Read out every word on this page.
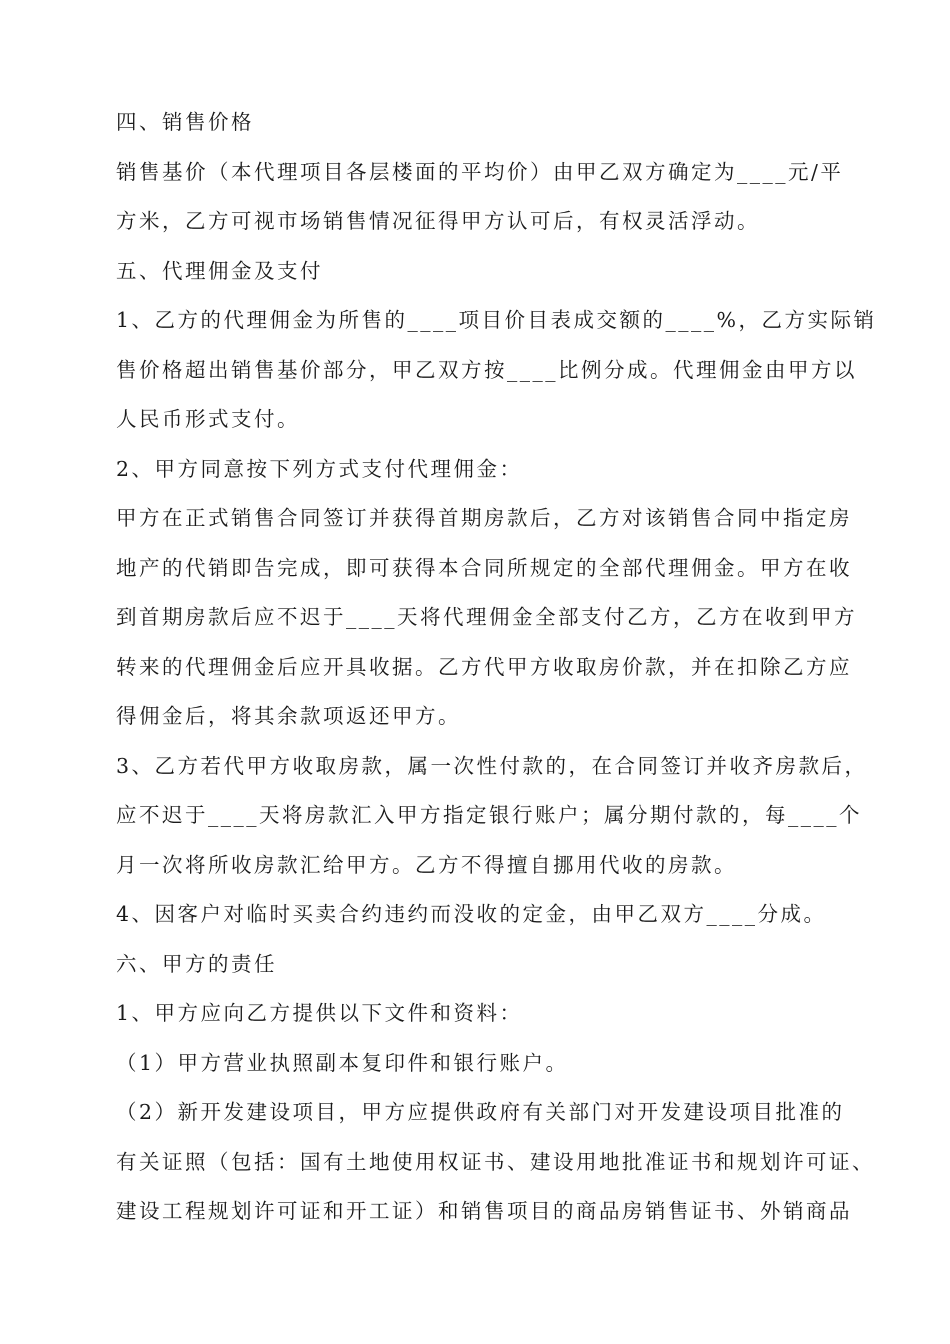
四、销售价格
销售基价（本代理项目各层楼面的平均价）由甲乙双方确定为____元/平
方米，乙方可视市场销售情况征得甲方认可后，有权灵活浮动。
五、代理佣金及支付
1、乙方的代理佣金为所售的____项目价目表成交额的____%，乙方实际销
售价格超出销售基价部分，甲乙双方按____比例分成。代理佣金由甲方以
人民币形式支付。
2、甲方同意按下列方式支付代理佣金：
甲方在正式销售合同签订并获得首期房款后，乙方对该销售合同中指定房
地产的代销即告完成，即可获得本合同所规定的全部代理佣金。甲方在收
到首期房款后应不迟于____天将代理佣金全部支付乙方，乙方在收到甲方
转来的代理佣金后应开具收据。乙方代甲方收取房价款，并在扣除乙方应
得佣金后，将其余款项返还甲方。
3、乙方若代甲方收取房款，属一次性付款的，在合同签订并收齐房款后，
应不迟于____天将房款汇入甲方指定银行账户；属分期付款的，每____个
月一次将所收房款汇给甲方。乙方不得擅自挪用代收的房款。
4、因客户对临时买卖合约违约而没收的定金，由甲乙双方____分成。
六、甲方的责任
1、甲方应向乙方提供以下文件和资料：
（1）甲方营业执照副本复印件和银行账户。
（2）新开发建设项目，甲方应提供政府有关部门对开发建设项目批准的
有关证照（包括：国有土地使用权证书、建设用地批准证书和规划许可证、
建设工程规划许可证和开工证）和销售项目的商品房销售证书、外销商品
